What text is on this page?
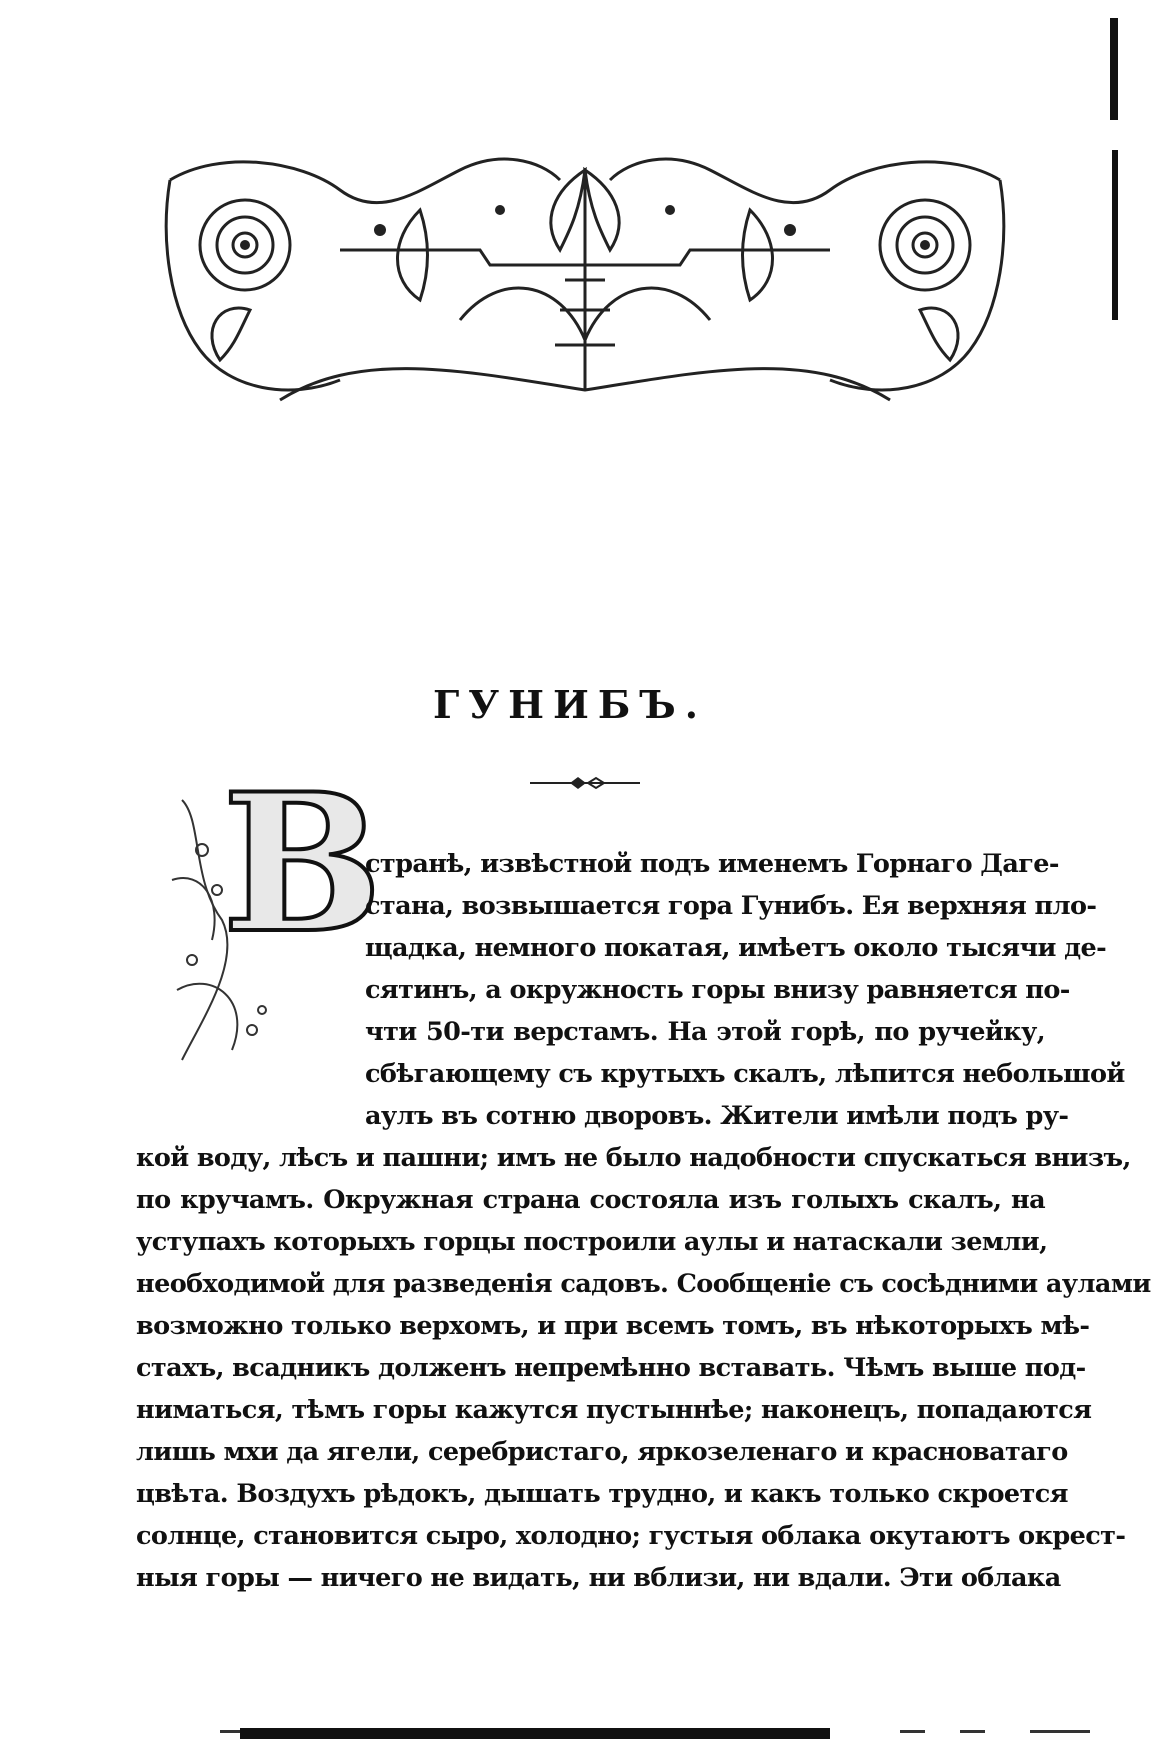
ГУНИБЪ.
В
странѣ, извѣстной подъ именемъ Горнаго Даге-
стана, возвышается гора Гунибъ. Ея верхняя пло-
щадка, немного покатая, имѣетъ около тысячи де-
сятинъ, а окружность горы внизу равняется по-
чти 50-ти верстамъ. На этой горѣ, по ручейку,
сбѣгающему съ крутыхъ скалъ, лѣпится небольшой
аулъ въ сотню дворовъ. Жители имѣли подъ ру-
кой воду, лѣсъ и пашни; имъ не было надобности спускаться внизъ,
по кручамъ. Окружная страна состояла изъ голыхъ скалъ, на
уступахъ которыхъ горцы построили аулы и натаскали земли,
необходимой для разведенія садовъ. Сообщеніе съ сосѣдними аулами
возможно только верхомъ, и при всемъ томъ, въ нѣкоторыхъ мѣ-
стахъ, всадникъ долженъ непремѣнно вставать. Чѣмъ выше под-
ниматься, тѣмъ горы кажутся пустыннѣе; наконецъ, попадаются
лишь мхи да ягели, серебристаго, яркозеленаго и красноватаго
цвѣта. Воздухъ рѣдокъ, дышать трудно, и какъ только скроется
солнце, становится сыро, холодно; густыя облака окутаютъ окрест-
ныя горы — ничего не видать, ни вблизи, ни вдали. Эти облака
